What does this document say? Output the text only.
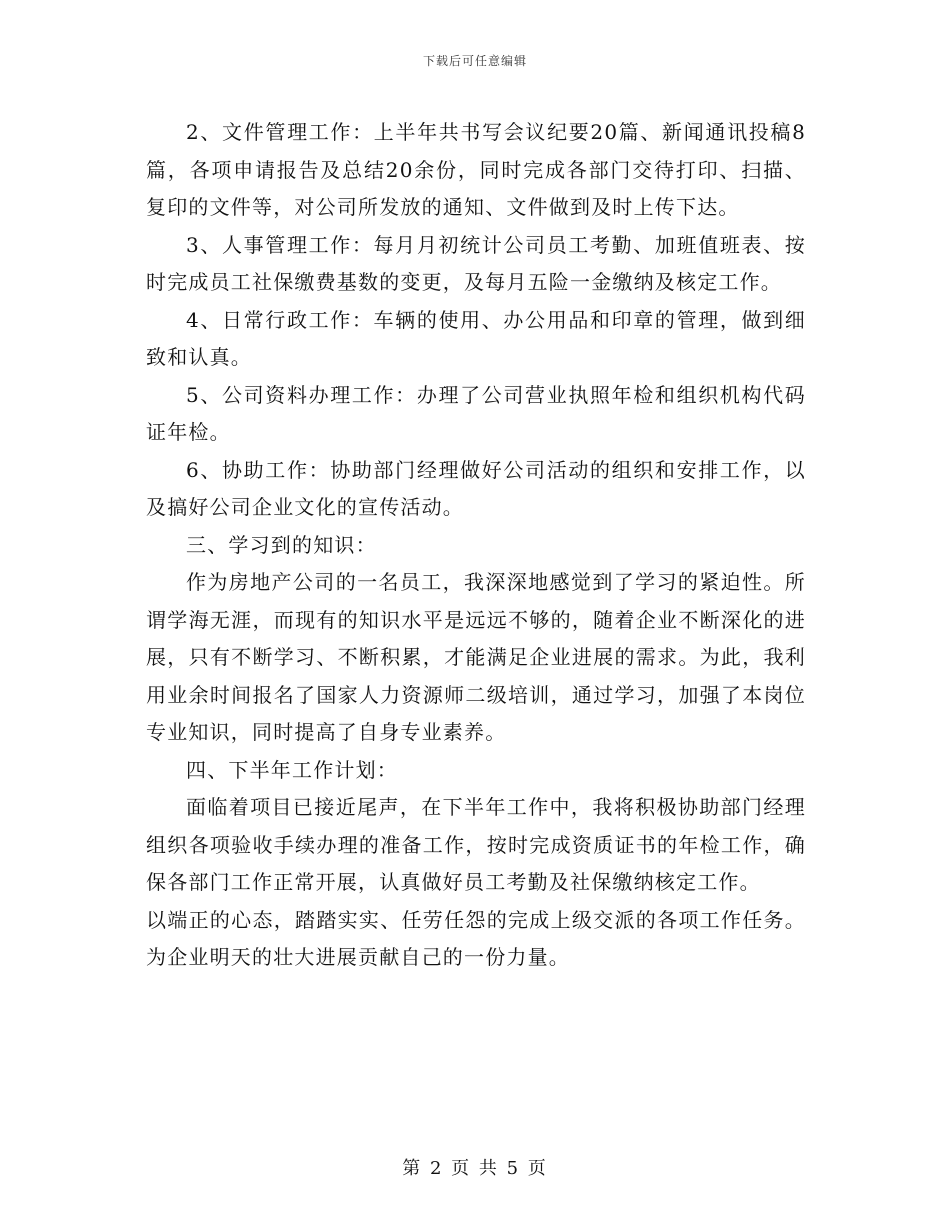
下载后可任意编辑

2、文件管理工作：上半年共书写会议纪要20篇、新闻通讯投稿8篇，各项申请报告及总结20余份，同时完成各部门交待打印、扫描、复印的文件等，对公司所发放的通知、文件做到及时上传下达。

3、人事管理工作：每月月初统计公司员工考勤、加班值班表、按时完成员工社保缴费基数的变更，及每月五险一金缴纳及核定工作。

4、日常行政工作：车辆的使用、办公用品和印章的管理，做到细致和认真。

5、公司资料办理工作：办理了公司营业执照年检和组织机构代码证年检。

6、协助工作：协助部门经理做好公司活动的组织和安排工作，以及搞好公司企业文化的宣传活动。

三、学习到的知识：

作为房地产公司的一名员工，我深深地感觉到了学习的紧迫性。所谓学海无涯，而现有的知识水平是远远不够的，随着企业不断深化的进展，只有不断学习、不断积累，才能满足企业进展的需求。为此，我利用业余时间报名了国家人力资源师二级培训，通过学习，加强了本岗位专业知识，同时提高了自身专业素养。

四、下半年工作计划：

面临着项目已接近尾声，在下半年工作中，我将积极协助部门经理组织各项验收手续办理的准备工作，按时完成资质证书的年检工作，确保各部门工作正常开展，认真做好员工考勤及社保缴纳核定工作。

以端正的心态，踏踏实实、任劳任怨的完成上级交派的各项工作任务。为企业明天的壮大进展贡献自己的一份力量。

第 2 页 共 5 页
